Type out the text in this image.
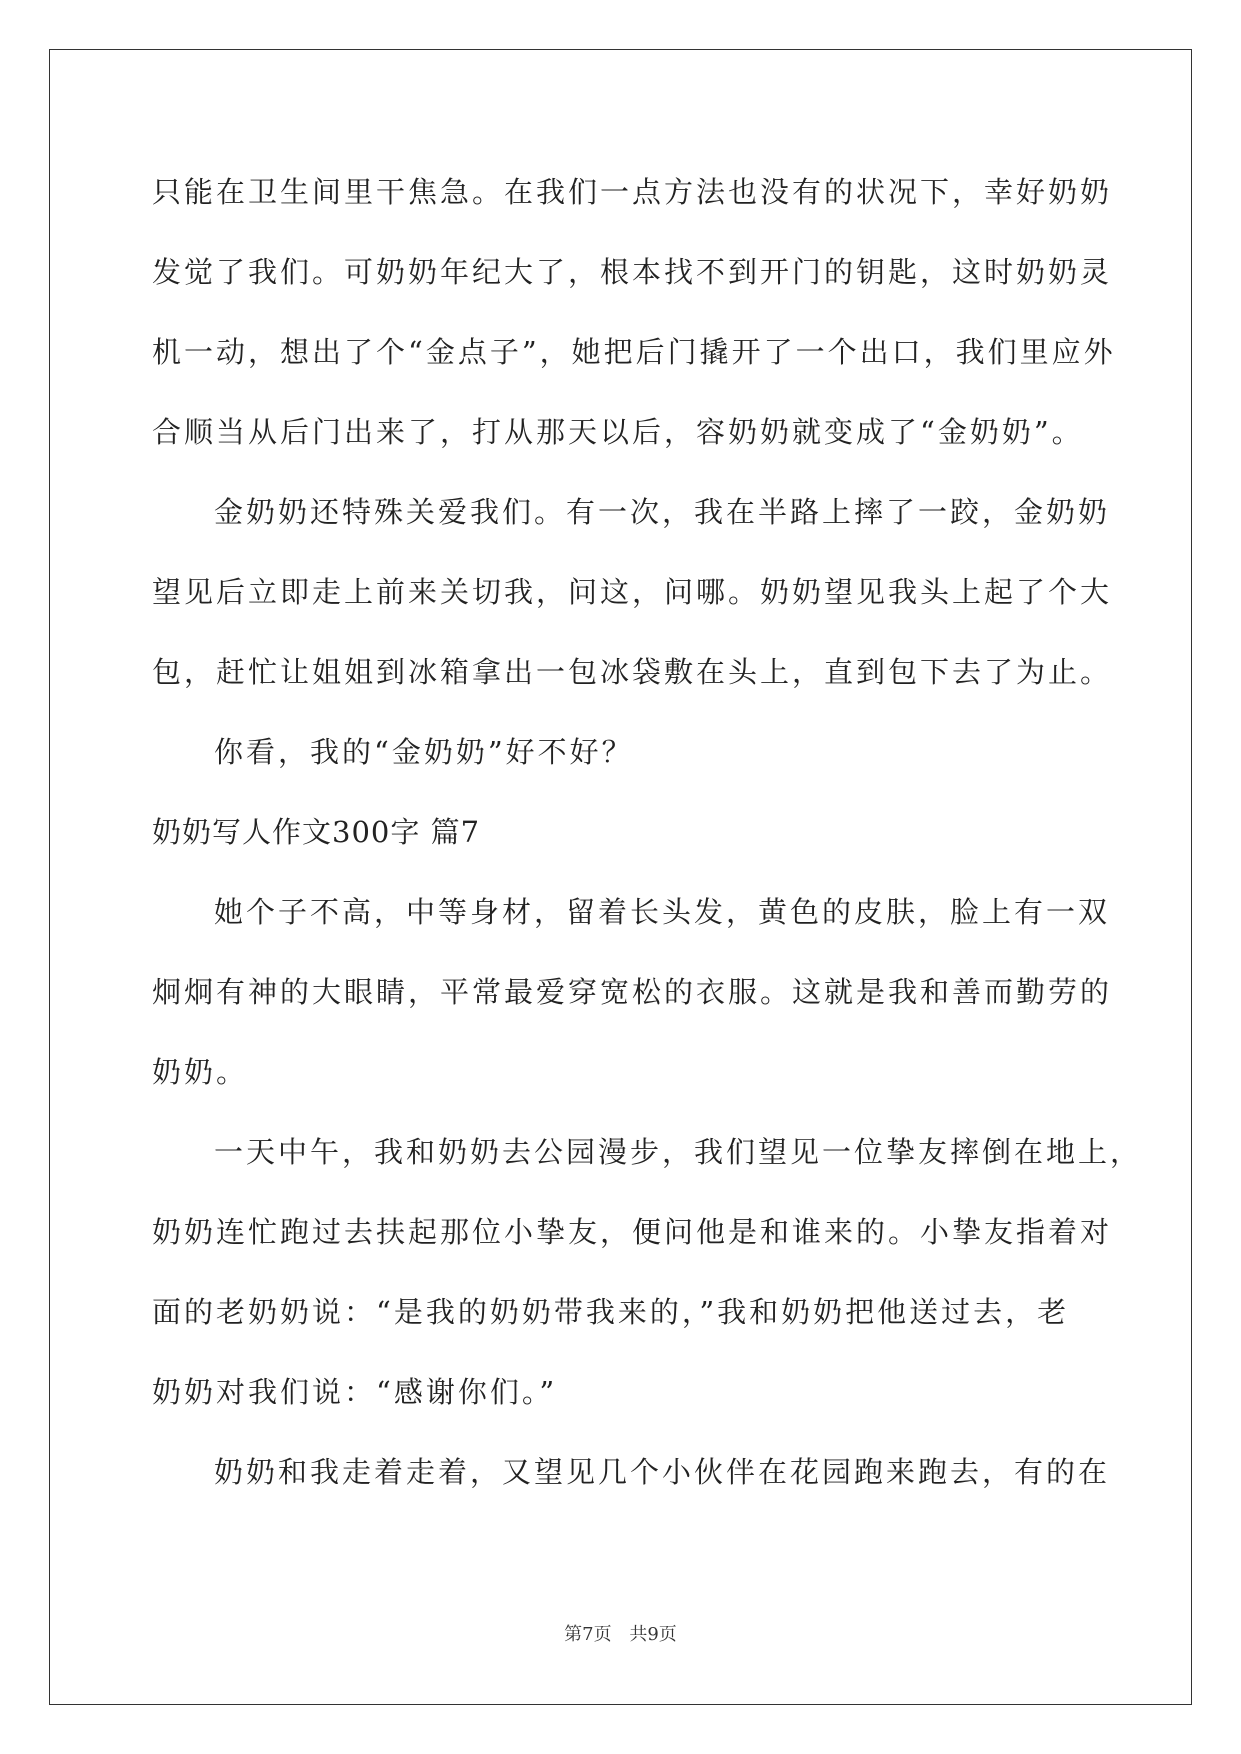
只能在卫生间里干焦急。在我们一点方法也没有的状况下，幸好奶奶
发觉了我们。可奶奶年纪大了，根本找不到开门的钥匙，这时奶奶灵
机一动，想出了个“金点子”，她把后门撬开了一个出口，我们里应外
合顺当从后门出来了，打从那天以后，容奶奶就变成了“金奶奶”。
金奶奶还特殊关爱我们。有一次，我在半路上摔了一跤，金奶奶
望见后立即走上前来关切我，问这，问哪。奶奶望见我头上起了个大
包，赶忙让姐姐到冰箱拿出一包冰袋敷在头上，直到包下去了为止。
你看，我的“金奶奶”好不好？
奶奶写人作文300字 篇7
她个子不高，中等身材，留着长头发，黄色的皮肤，脸上有一双
炯炯有神的大眼睛，平常最爱穿宽松的衣服。这就是我和善而勤劳的
奶奶。
一天中午，我和奶奶去公园漫步，我们望见一位挚友摔倒在地上，
奶奶连忙跑过去扶起那位小挚友，便问他是和谁来的。小挚友指着对
面的老奶奶说：“是我的奶奶带我来的，”我和奶奶把他送过去，老
奶奶对我们说：“感谢你们。”
奶奶和我走着走着，又望见几个小伙伴在花园跑来跑去，有的在
第7页 共9页
